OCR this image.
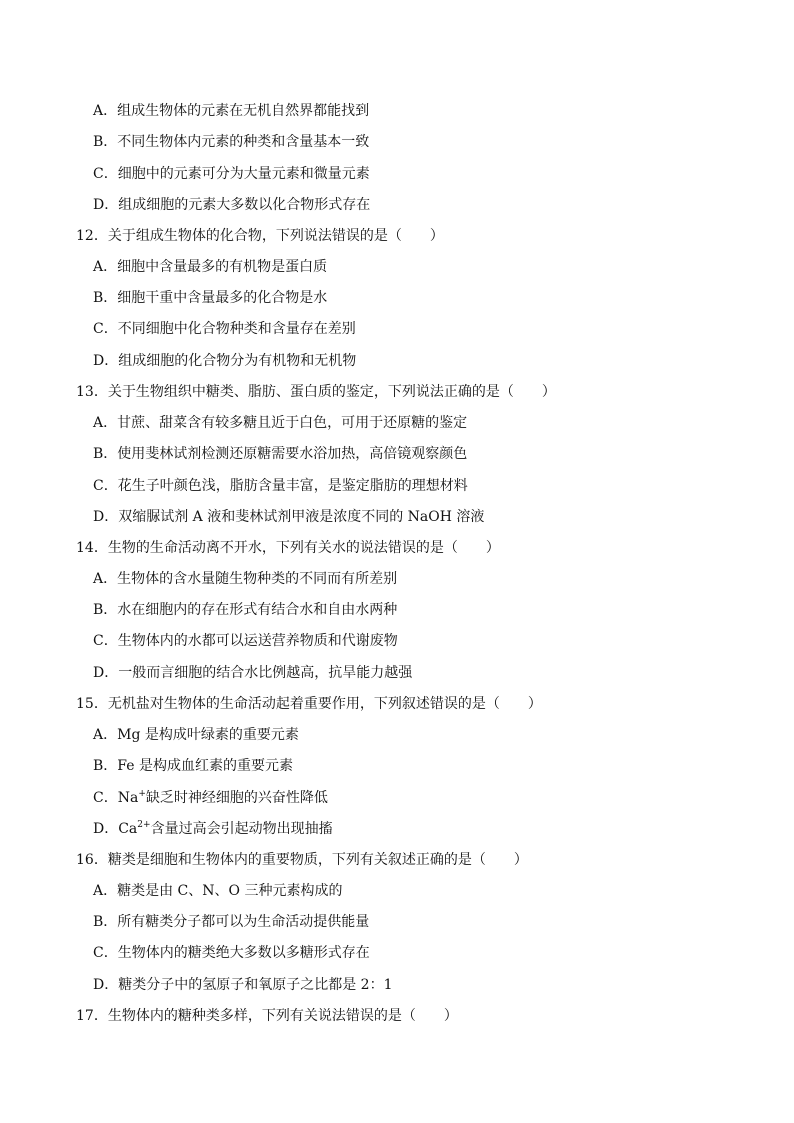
A．组成生物体的元素在无机自然界都能找到
B．不同生物体内元素的种类和含量基本一致
C．细胞中的元素可分为大量元素和微量元素
D．组成细胞的元素大多数以化合物形式存在
12．关于组成生物体的化合物，下列说法错误的是（　　）
A．细胞中含量最多的有机物是蛋白质
B．细胞干重中含量最多的化合物是水
C．不同细胞中化合物种类和含量存在差别
D．组成细胞的化合物分为有机物和无机物
13．关于生物组织中糖类、脂肪、蛋白质的鉴定，下列说法正确的是（　　）
A．甘蔗、甜菜含有较多糖且近于白色，可用于还原糖的鉴定
B．使用斐林试剂检测还原糖需要水浴加热，高倍镜观察颜色
C．花生子叶颜色浅，脂肪含量丰富，是鉴定脂肪的理想材料
D．双缩脲试剂 A 液和斐林试剂甲液是浓度不同的 NaOH 溶液
14．生物的生命活动离不开水，下列有关水的说法错误的是（　　）
A．生物体的含水量随生物种类的不同而有所差别
B．水在细胞内的存在形式有结合水和自由水两种
C．生物体内的水都可以运送营养物质和代谢废物
D．一般而言细胞的结合水比例越高，抗旱能力越强
15．无机盐对生物体的生命活动起着重要作用，下列叙述错误的是（　　）
A．Mg 是构成叶绿素的重要元素
B．Fe 是构成血红素的重要元素
C．Na+缺乏时神经细胞的兴奋性降低
D．$Ca^{2+}$含量过高会引起动物出现抽搐
16．糖类是细胞和生物体内的重要物质，下列有关叙述正确的是（　　）
A．糖类是由 C、N、O 三种元素构成的
B．所有糖类分子都可以为生命活动提供能量
C．生物体内的糖类绝大多数以多糖形式存在
D．糖类分子中的氢原子和氧原子之比都是 2：1
17．生物体内的糖种类多样，下列有关说法错误的是（　　）
